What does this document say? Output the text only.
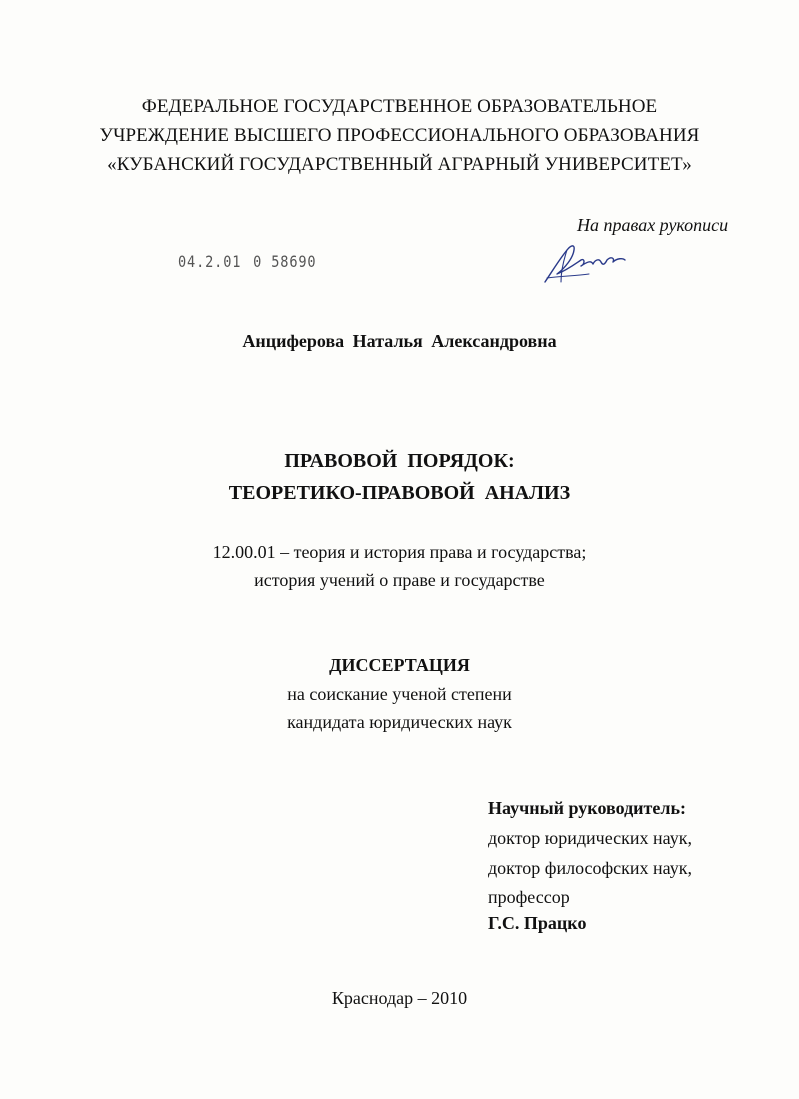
ФЕДЕРАЛЬНОЕ ГОСУДАРСТВЕННОЕ ОБРАЗОВАТЕЛЬНОЕ
УЧРЕЖДЕНИЕ ВЫСШЕГО ПРОФЕССИОНАЛЬНОГО ОБРАЗОВАНИЯ
«КУБАНСКИЙ ГОСУДАРСТВЕННЫЙ АГРАРНЫЙ УНИВЕРСИТЕТ»
На правах рукописи
04.2.01 0 58690
Анциферова Наталья Александровна
ПРАВОВОЙ ПОРЯДОК:
ТЕОРЕТИКО-ПРАВОВОЙ АНАЛИЗ
12.00.01 – теория и история права и государства;
история учений о праве и государстве
ДИССЕРТАЦИЯ
на соискание ученой степени
кандидата юридических наук
Научный руководитель:
доктор юридических наук,
доктор философских наук,
профессор
Г.С. Працко
Краснодар – 2010
